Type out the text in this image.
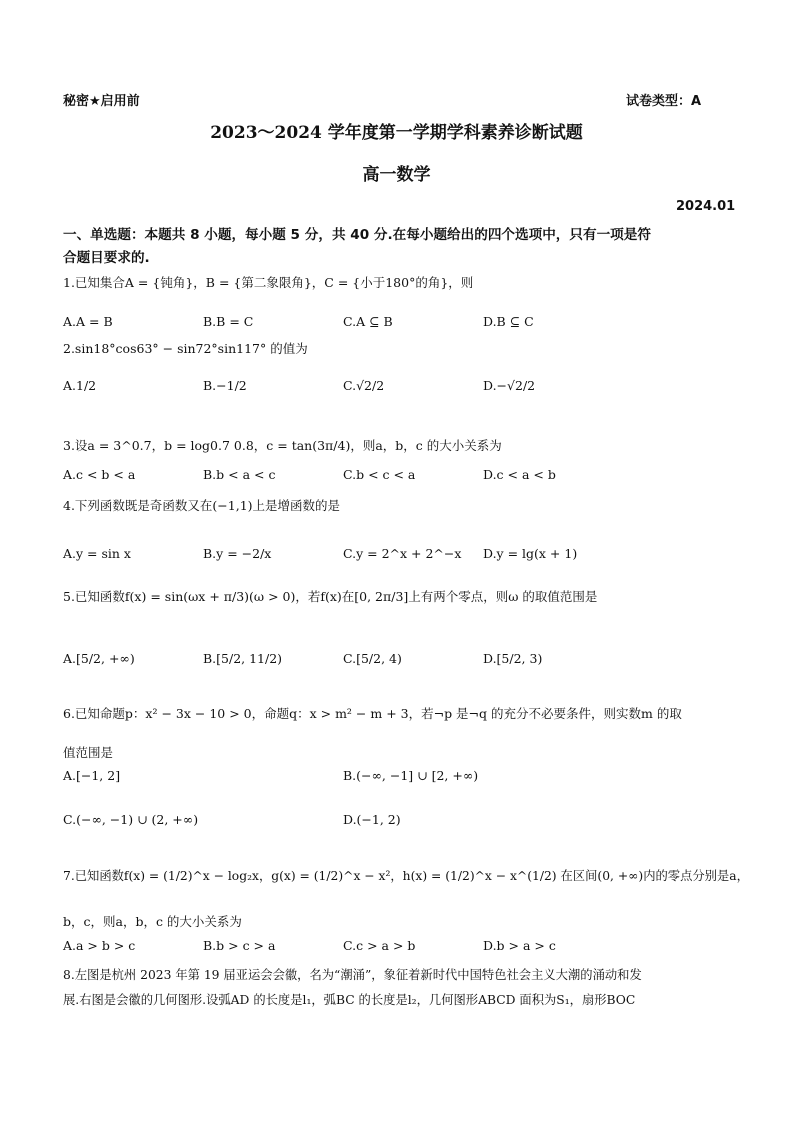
秘密★启用前	试卷类型：A
2023～2024 学年度第一学期学科素养诊断试题
高一数学
2024.01
一、单选题：本题共 8 小题，每小题 5 分，共 40 分.在每小题给出的四个选项中，只有一项是符
合题目要求的.
1.已知集合A = {钝角}，B = {第二象限角}，C = {小于180°的角}，则
A.A = B	B.B = C	C.A ⊆ B	D.B ⊆ C
2.sin18°cos63° − sin72°sin117° 的值为
A.1/2	B.−1/2	C.√2/2	D.−√2/2
3.设a = 3^0.7，b = log0.7 0.8，c = tan(3π/4)，则a，b，c 的大小关系为
A.c < b < a	B.b < a < c	C.b < c < a	D.c < a < b
4.下列函数既是奇函数又在(−1,1)上是增函数的是
A.y = sin x	B.y = −2/x	C.y = 2^x + 2^−x D.y = lg(x + 1)
5.已知函数f(x) = sin(ωx + π/3)(ω > 0)，若f(x)在[0, 2π/3]上有两个零点，则ω 的取值范围是
A.[5/2, +∞)	B.[5/2, 11/2)	C.[5/2, 4)	D.[5/2, 3)
6.已知命题p：x² − 3x − 10 > 0，命题q：x > m² − m + 3，若¬p 是¬q 的充分不必要条件，则实数m 的取
值范围是
A.[−1, 2]	B.(−∞, −1] ∪ [2, +∞)
C.(−∞, −1) ∪ (2, +∞)	D.(−1, 2)
7.已知函数f(x) = (1/2)^x − log₂x，g(x) = (1/2)^x − x²，h(x) = (1/2)^x − x^(1/2) 在区间(0, +∞)内的零点分别是a，
b，c，则a，b，c 的大小关系为
A.a > b > c	B.b > c > a	C.c > a > b	D.b > a > c
8.左图是杭州 2023 年第 19 届亚运会会徽，名为“潮涌”，象征着新时代中国特色社会主义大潮的涌动和发
展.右图是会徽的几何图形.设弧AD 的长度是l₁，弧BC 的长度是l₂，几何图形ABCD 面积为S₁，扇形BOC
